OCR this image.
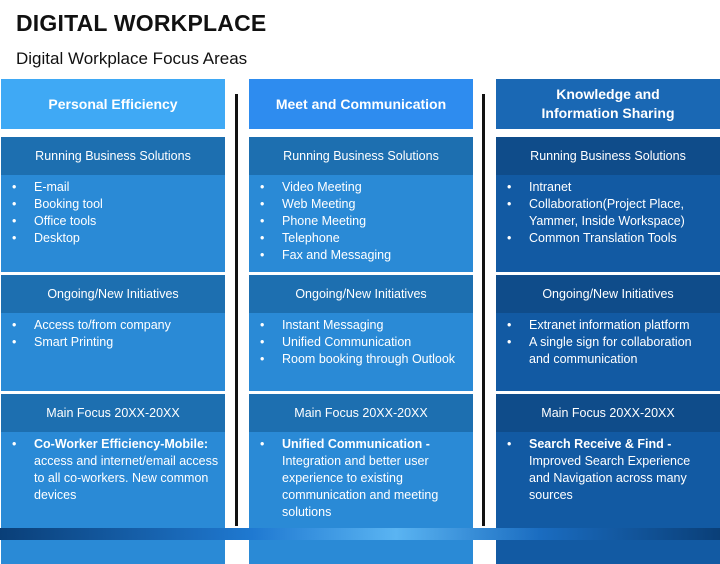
DIGITAL WORKPLACE
Digital Workplace Focus Areas
Personal Efficiency
Running Business Solutions
• E-mail
• Booking tool
• Office tools
• Desktop
Ongoing/New Initiatives
• Access to/from company
• Smart Printing
Main Focus 20XX-20XX
• Co-Worker Efficiency-Mobile: access and internet/email access to all co-workers. New common devices
Meet and Communication
Running Business Solutions
• Video Meeting
• Web Meeting
• Phone Meeting
• Telephone
• Fax and Messaging
Ongoing/New Initiatives
• Instant Messaging
• Unified Communication
• Room booking through Outlook
Main Focus 20XX-20XX
• Unified Communication - Integration and better user experience to existing communication and meeting solutions
Knowledge and
Information Sharing
Running Business Solutions
• Intranet
• Collaboration(Project Place, Yammer, Inside Workspace)
• Common Translation Tools
Ongoing/New Initiatives
• Extranet information platform
• A single sign for collaboration and communication
Main Focus 20XX-20XX
• Search Receive & Find - Improved Search Experience and Navigation across many sources
